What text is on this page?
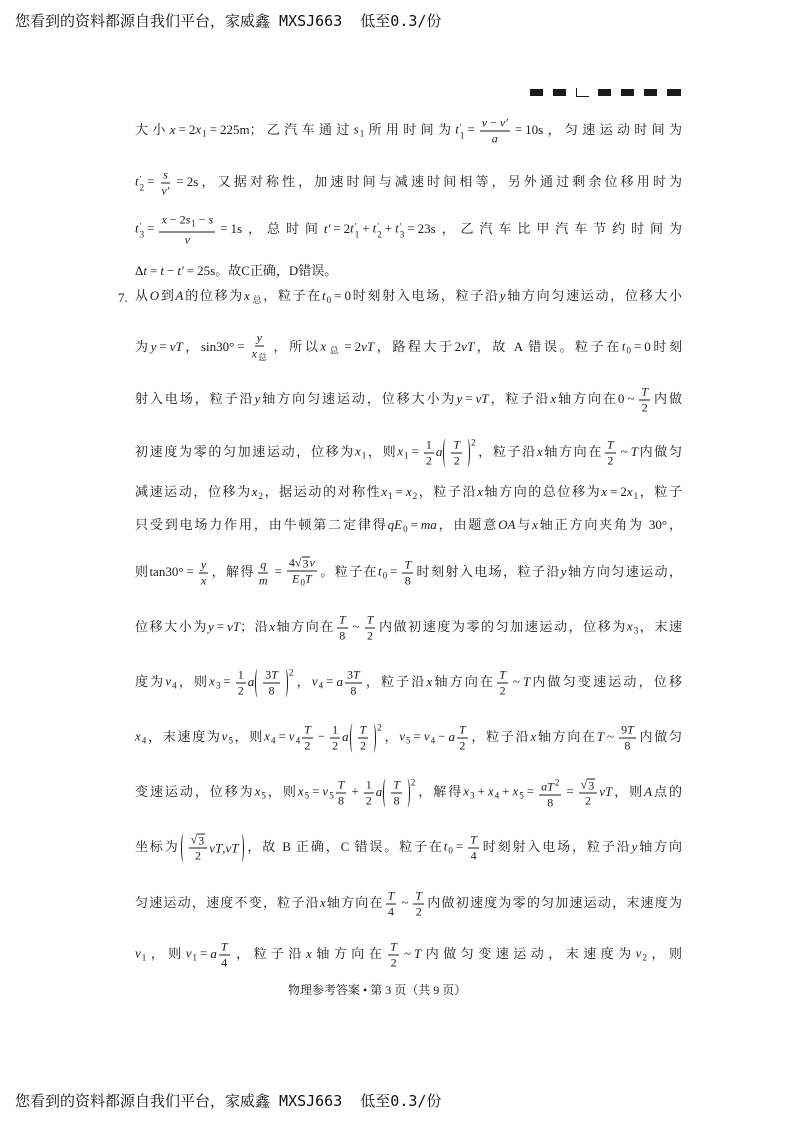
您看到的资料都源自我们平台，家威鑫 MXSJ663  低至0.3/份
大小$x = 2x_1 = 225m$；乙汽车通过$s_1$所用时间为t ′
$1 = \frac{v - v'}{a} = 10s$，匀速运动时间为
t ′
$2 = \frac{s}{v'} = 2s$，又据对称性，加速时间与减速时间相等，另外通过剩余位移用时为
t ′
$3 = \frac{x - 2s_1 - s}{v} = 1s$，总时间t′ = 2t ′
1 + t ′
2 + t ′
3 = 23s，乙汽车比甲汽车节约时间为
Δt = t − t′ = 25s。故C正确，D错误。
7. 从O到A的位移为$x_总$，粒子在$t_0 = 0$时刻射入电场，粒子沿y轴方向匀速运动，位移大小
为y = vT，$\sin 30^\circ = \frac{y}{x_总}$ ，所以$x_总 = 2vT$，路程大于2vT，故 A 错误。粒子在$t_0 = 0$时刻
射入电场，粒子沿y轴方向匀速运动，位移大小为y = vT，粒子沿x轴方向在0 ~ $\frac{T}{2}$ 内做
初速度为零的匀加速运动，位移为$x_1$，则$x_1 = \frac{1}{2}$ a $\frac{T}{2} 2$
，粒子沿x轴方向在 $\frac{T}{2}$ ~ T内做匀
减速运动，位移为$x_2$，据运动的对称性$x_1 = x_2$，粒子沿x轴方向的总位移为$x = 2x_1$，粒子
只受到电场力作用，由牛顿第二定律得$qE_0$ = ma，由题意OA与x轴正方向夹角为 30°，
则$\tan 30^\circ = \frac{y}{x}$ ，解得 $\frac{q}{m} = \frac{4 √ 3 v}{E_0T}$ 。粒子在$t_0 = \frac{T}{8}$ 时刻射入电场，粒子沿y轴方向匀速运动，
位移大小为y = vT；沿x轴方向在 $\frac{T}{8}$ ~ $\frac{T}{2}$ 内做初速度为零的匀加速运动，位移为$x_3$，末速
度为$v_4$，则$x_3 = \frac{1}{2}$ a $\frac{3T}{8} 2$
，$v_4 = a \frac{3T}{8}$ ，粒子沿x轴方向在 $\frac{T}{2}$ ~ T内做匀变速运动，位移
$x_4$，末速度为$v_5$，则$x_4 = v_4 \frac{T}{2} - \frac{1}{2}$ a $\frac{T}{2} 2$
，$v_5 = v_4 - a \frac{T}{2}$ ，粒子沿x轴方向在T ~ $\frac{9T}{8}$ 内做匀
变速运动，位移为$x_5$，则$x_5 = v_5 \frac{T}{8} + \frac{1}{2}$ a $\frac{T}{8} 2$
，解得$x_3 + x_4 + x_5 = \frac{aT^2}{8} = \frac{√ 3}{2}$ vT，则A点的
坐标为 $\frac{√ 3}{2}$ vT , vT ，故 B 正确，C 错误。粒子在$t_0 = \frac{T}{4}$ 时刻射入电场，粒子沿y轴方向
匀速运动，速度不变，粒子沿x轴方向在 $\frac{T}{4}$ ~ $\frac{T}{2}$ 内做初速度为零的匀加速运动，末速度为
$v_1$，则$v_1 = a \frac{T}{4}$ ，粒子沿x轴方向在 $\frac{T}{2}$ ~ T内做匀变速运动，末速度为$v_2$，则
物理参考答案 • 第 3 页（共 9 页）
您看到的资料都源自我们平台，家威鑫 MXSJ663  低至0.3/份
